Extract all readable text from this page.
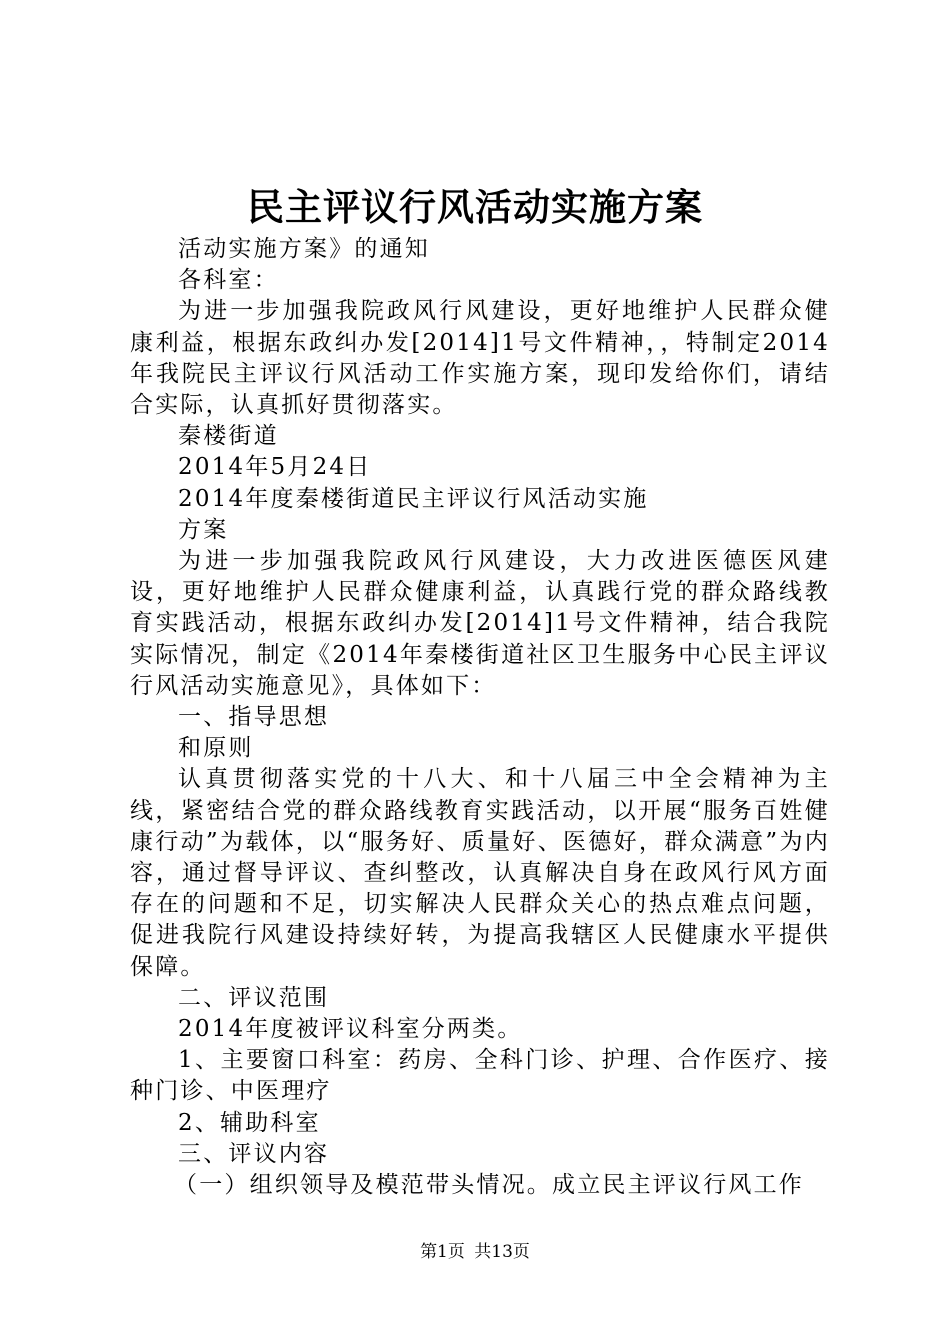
民主评议行风活动实施方案

活动实施方案》的通知

各科室：

为进一步加强我院政风行风建设，更好地维护人民群众健康利益，根据东政纠办发[2014]1号文件精神，，特制定2014年我院民主评议行风活动工作实施方案，现印发给你们，请结合实际，认真抓好贯彻落实。

秦楼街道

2014年5月24日

2014年度秦楼街道民主评议行风活动实施

方案

为进一步加强我院政风行风建设，大力改进医德医风建设，更好地维护人民群众健康利益，认真践行党的群众路线教育实践活动，根据东政纠办发[2014]1号文件精神，结合我院实际情况，制定《2014年秦楼街道社区卫生服务中心民主评议行风活动实施意见》，具体如下：

一、指导思想

和原则

认真贯彻落实党的十八大、和十八届三中全会精神为主线，紧密结合党的群众路线教育实践活动，以开展“服务百姓健康行动”为载体，以“服务好、质量好、医德好，群众满意”为内容，通过督导评议、查纠整改，认真解决自身在政风行风方面存在的问题和不足，切实解决人民群众关心的热点难点问题，促进我院行风建设持续好转，为提高我辖区人民健康水平提供保障。

二、评议范围

2014年度被评议科室分两类。

1、主要窗口科室：药房、全科门诊、护理、合作医疗、接种门诊、中医理疗

2、辅助科室

三、评议内容

（一）组织领导及模范带头情况。成立民主评议行风工作

第1页 共13页
